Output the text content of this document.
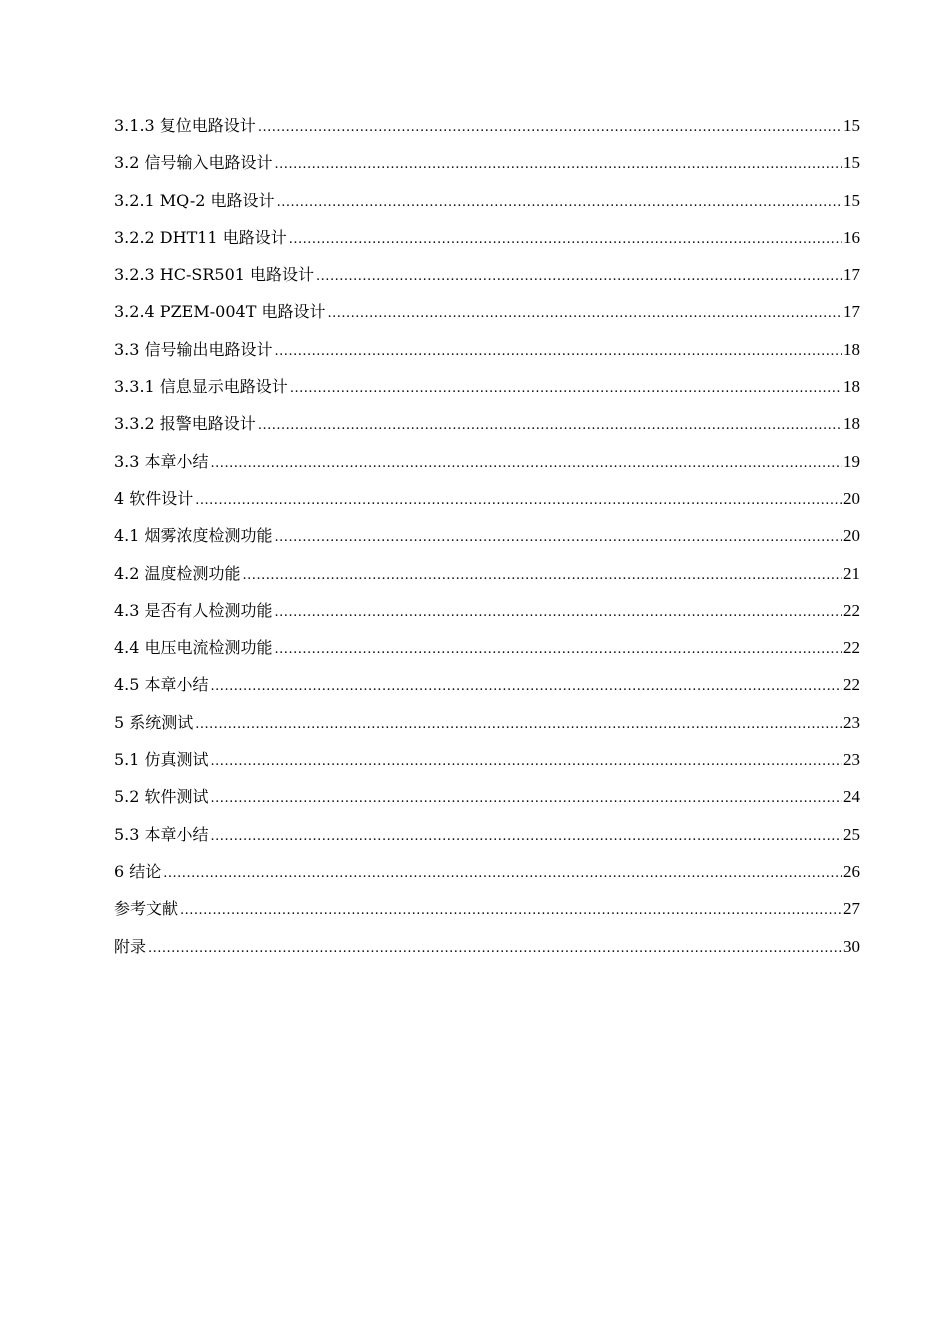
3.1.3 复位电路设计 .....	15
3.2 信号输入电路设计 .....	15
3.2.1 MQ-2 电路设计 .....	15
3.2.2 DHT11 电路设计 .....	16
3.2.3 HC-SR501 电路设计 .....	17
3.2.4 PZEM-004T 电路设计 .....	17
3.3 信号输出电路设计 .....	18
3.3.1 信息显示电路设计 .....	18
3.3.2 报警电路设计 .....	18
3.3 本章小结 .....	19
4 软件设计 .....	20
4.1 烟雾浓度检测功能 .....	20
4.2 温度检测功能 .....	21
4.3 是否有人检测功能 .....	22
4.4 电压电流检测功能 .....	22
4.5 本章小结 .....	22
5 系统测试 .....	23
5.1 仿真测试 .....	23
5.2 软件测试 .....	24
5.3 本章小结 .....	25
6 结论 .....	26
参考文献 .....	27
附录 .....	30
